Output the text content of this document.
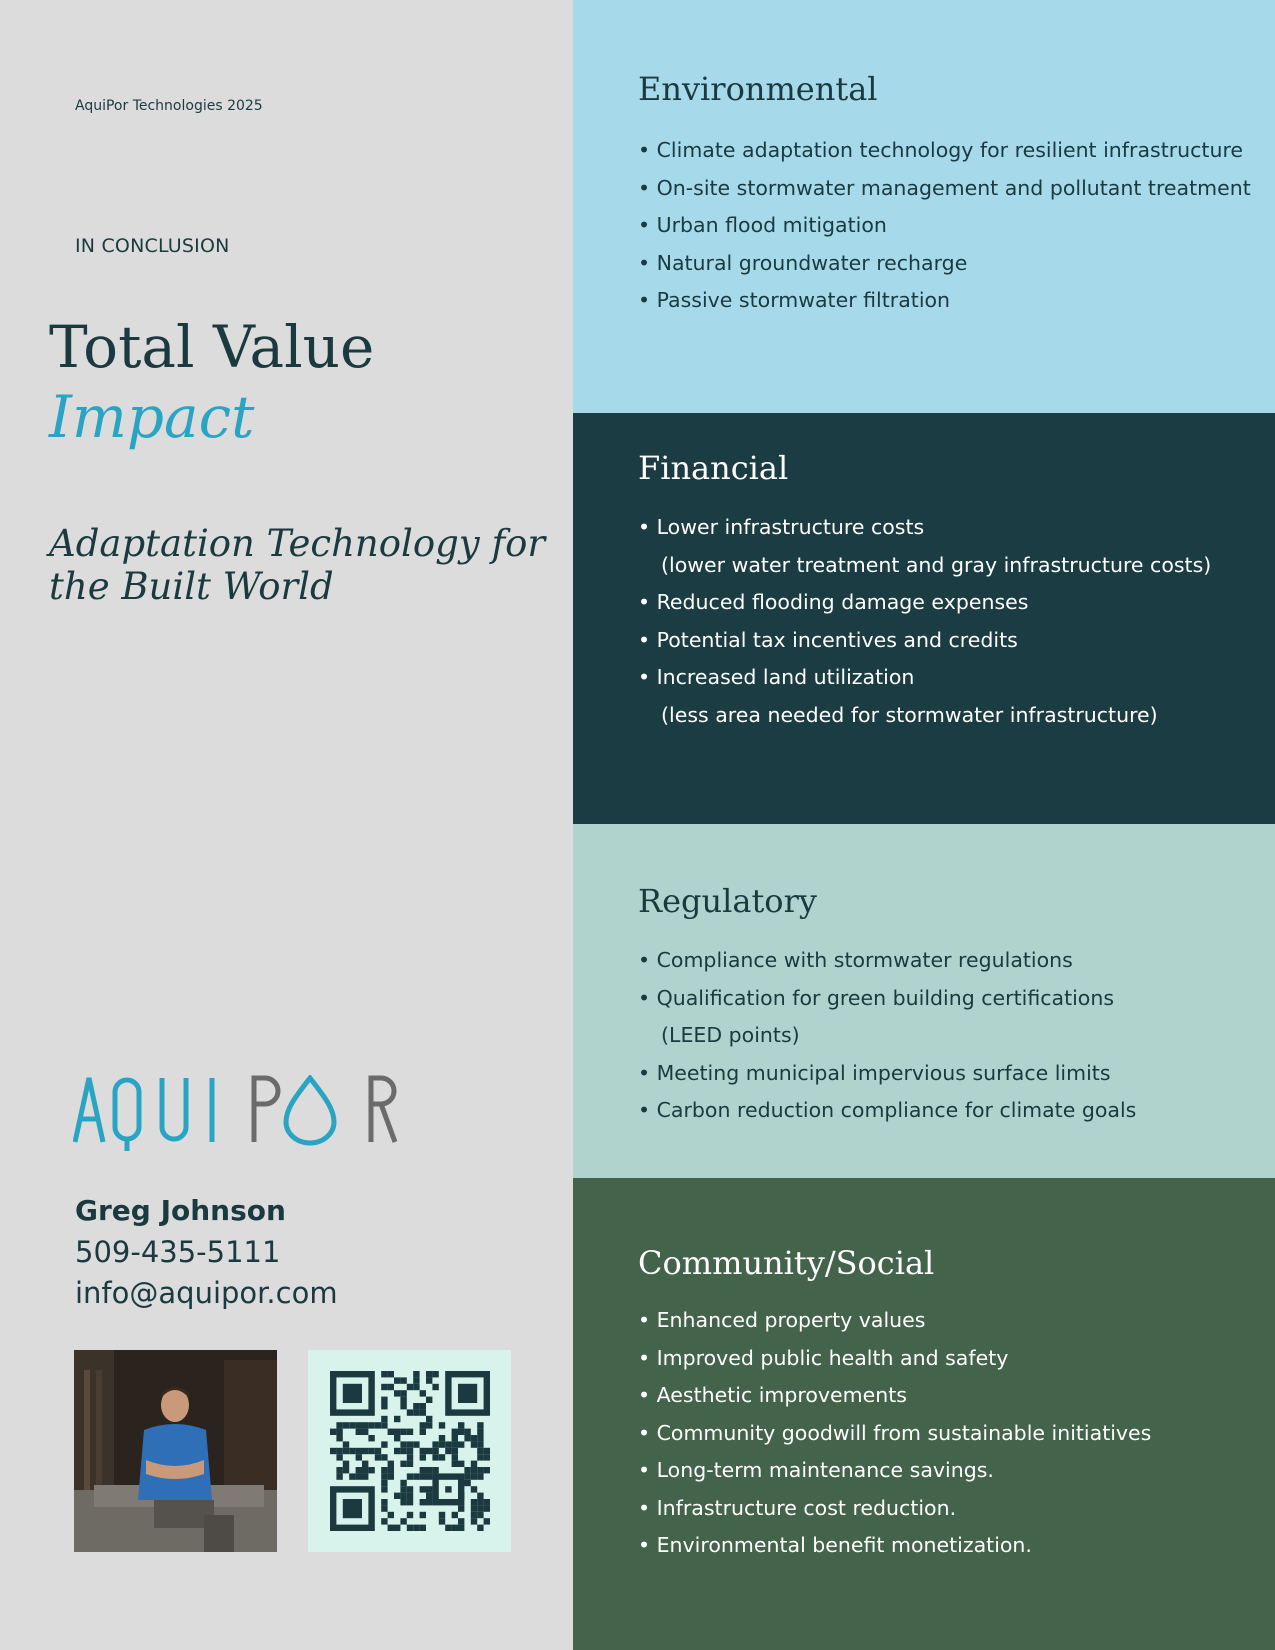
AquiPor Technologies 2025
IN CONCLUSION
Total Value
Impact
Adaptation Technology for the Built World
Greg Johnson
509-435-5111
info@aquipor.com
Environmental
• Climate adaptation technology for resilient infrastructure
• On-site stormwater management and pollutant treatment
• Urban flood mitigation
• Natural groundwater recharge
• Passive stormwater filtration
Financial
• Lower infrastructure costs
(lower water treatment and gray infrastructure costs)
• Reduced flooding damage expenses
• Potential tax incentives and credits
• Increased land utilization
(less area needed for stormwater infrastructure)
Regulatory
• Compliance with stormwater regulations
• Qualification for green building certifications
(LEED points)
• Meeting municipal impervious surface limits
• Carbon reduction compliance for climate goals
Community/Social
• Enhanced property values
• Improved public health and safety
• Aesthetic improvements
• Community goodwill from sustainable initiatives
• Long-term maintenance savings.
• Infrastructure cost reduction.
• Environmental benefit monetization.
